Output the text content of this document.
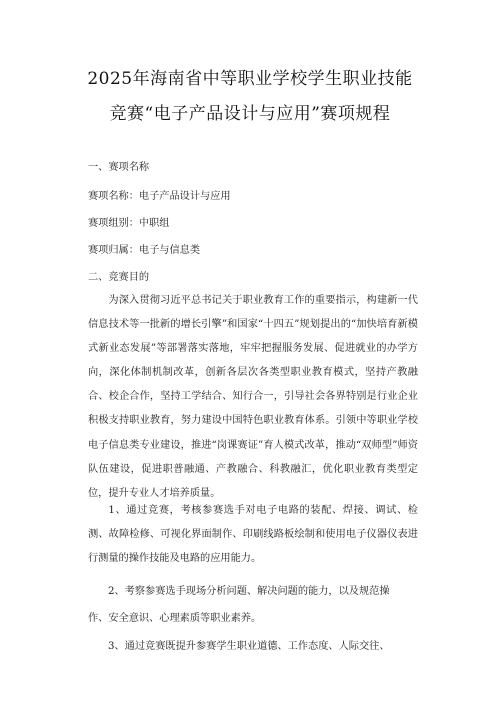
2025年海南省中等职业学校学生职业技能
竞赛“电子产品设计与应用”赛项规程
一、赛项名称
赛项名称：电子产品设计与应用
赛项组别：中职组
赛项归属：电子与信息类
二、竞赛目的
为深入贯彻习近平总书记关于职业教育工作的重要指示，构建新一代信息技术等一批新的增长引擎”和国家“十四五”规划提出的“加快培育新模式新业态发展”等部署落实落地，牢牢把握服务发展、促进就业的办学方向，深化体制机制改革，创新各层次各类型职业教育模式，坚持产教融合、校企合作，坚持工学结合、知行合一，引导社会各界特别是行业企业积极支持职业教育，努力建设中国特色职业教育体系。引领中等职业学校电子信息类专业建设，推进“岗课赛证”育人模式改革，推动“双师型”师资队伍建设，促进职普融通、产教融合、科教融汇，优化职业教育类型定位，提升专业人才培养质量。
1、通过竞赛，考核参赛选手对电子电路的装配、焊接、调试、检测、故障检修、可视化界面制作、印刷线路板绘制和使用电子仪器仪表进行测量的操作技能及电路的应用能力。
2、考察参赛选手现场分析问题、解决问题的能力，以及规范操
作、安全意识、心理素质等职业素养。
3、通过竞赛既提升参赛学生职业道德、工作态度、人际交往、
